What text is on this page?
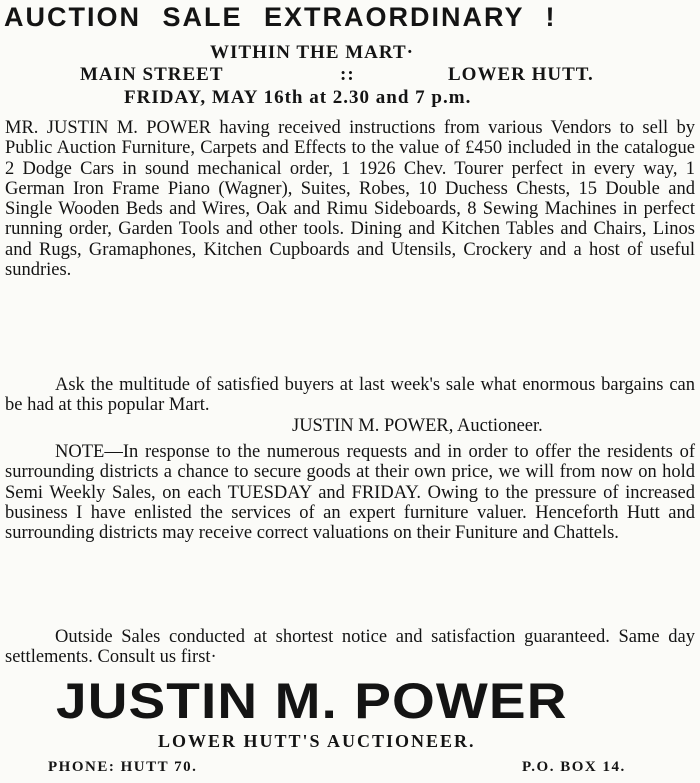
AUCTION SALE EXTRAORDINARY !
WITHIN THE MART·
MAIN STREET	::	LOWER HUTT.
FRIDAY, MAY 16th at 2.30 and 7 p.m.

MR. JUSTIN M. POWER having received instructions from various Vendors to sell by Public Auction Furniture, Carpets and Effects to the value of £450 included in the catalogue 2 Dodge Cars in sound mechanical order, 1 1926 Chev. Tourer perfect in every way, 1 German Iron Frame Piano (Wagner), Suites, Robes, 10 Duchess Chests, 15 Double and Single Wooden Beds and Wires, Oak and Rimu Sideboards, 8 Sewing Machines in perfect running order, Garden Tools and other tools. Dining and Kitchen Tables and Chairs, Linos and Rugs, Gramaphones, Kitchen Cupboards and Utensils, Crockery and a host of useful sundries.

Ask the multitude of satisfied buyers at last week's sale what enormous bargains can be had at this popular Mart.

JUSTIN M. POWER, Auctioneer.

NOTE—In response to the numerous requests and in order to offer the residents of surrounding districts a chance to secure goods at their own price, we will from now on hold Semi Weekly Sales, on each TUESDAY and FRIDAY. Owing to the pressure of increased business I have enlisted the services of an expert furniture valuer. Henceforth Hutt and surrounding districts may receive correct valuations on their Funiture and Chattels.

Outside Sales conducted at shortest notice and satisfaction guaranteed. Same day settlements. Consult us first·

JUSTIN M. POWER
LOWER HUTT'S AUCTIONEER.
PHONE: HUTT 70.	P.O. BOX 14.
